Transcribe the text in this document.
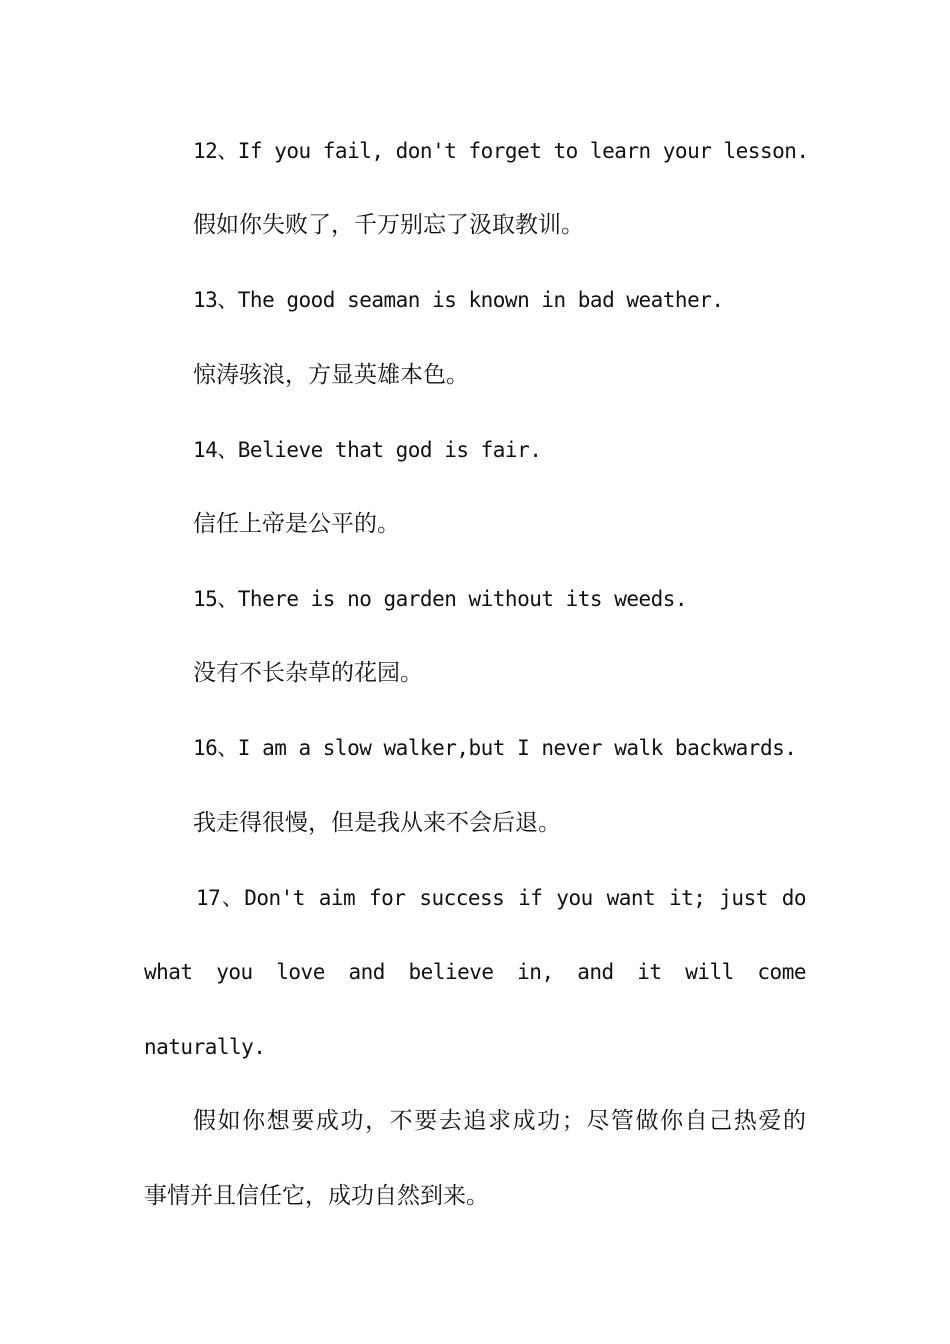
12、If you fail, don't forget to learn your lesson.

假如你失败了，千万别忘了汲取教训。

13、The good seaman is known in bad weather.

惊涛骇浪，方显英雄本色。

14、Believe that god is fair.

信任上帝是公平的。

15、There is no garden without its weeds.

没有不长杂草的花园。

16、I am a slow walker,but I never walk backwards.

我走得很慢，但是我从来不会后退。

17、Don't aim for success if you want it; just do

what you love and believe in, and it will come

naturally.

假如你想要成功，不要去追求成功；尽管做你自己热爱的

事情并且信任它，成功自然到来。
